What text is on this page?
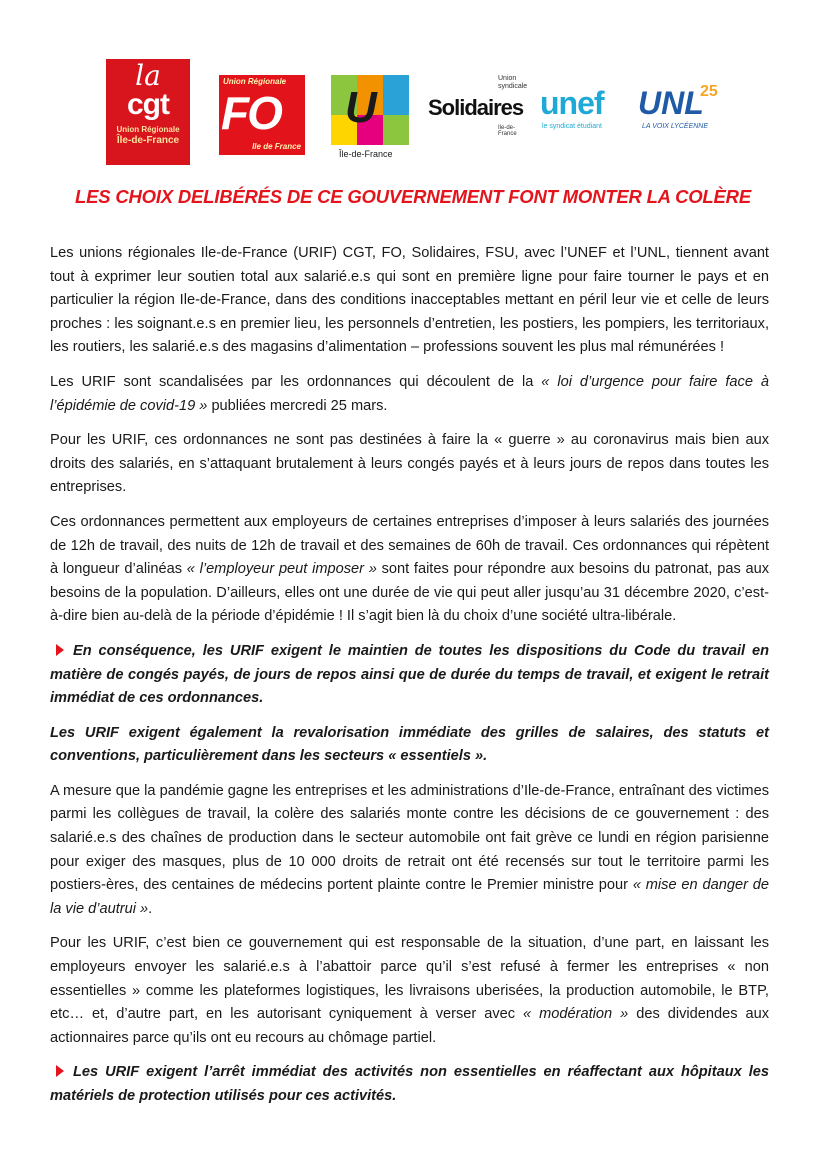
la
cgt
Union Régionale
Île-de-France
Union Régionale
FO
Ile de France
U
Île-de-France
Union
syndicale
Solidaires
Ile-de-France
unef
le syndicat étudiant
UNL
25
LA VOIX LYCÉENNE
LES CHOIX DELIBÉRÉS DE CE GOUVERNEMENT FONT MONTER LA COLÈRE

Les unions régionales Ile-de-France (URIF) CGT, FO, Solidaires, FSU, avec l’UNEF et l’UNL, tiennent avant tout à exprimer leur soutien total aux salarié.e.s qui sont en première ligne pour faire tourner le pays et en particulier la région Ile-de-France, dans des conditions inacceptables mettant en péril leur vie et celle de leurs proches : les soignant.e.s en premier lieu, les personnels d’entretien, les postiers, les pompiers, les territoriaux, les routiers, les salarié.e.s des magasins d’alimentation – professions souvent les plus mal rémunérées !

Les URIF sont scandalisées par les ordonnances qui découlent de la « loi d’urgence pour faire face à l’épidémie de covid-19 » publiées mercredi 25 mars.

Pour les URIF, ces ordonnances ne sont pas destinées à faire la « guerre » au coronavirus mais bien aux droits des salariés, en s’attaquant brutalement à leurs congés payés et à leurs jours de repos dans toutes les entreprises.

Ces ordonnances permettent aux employeurs de certaines entreprises d’imposer à leurs salariés des journées de 12h de travail, des nuits de 12h de travail et des semaines de 60h de travail. Ces ordonnances qui répètent à longueur d’alinéas « l’employeur peut imposer » sont faites pour répondre aux besoins du patronat, pas aux besoins de la population. D’ailleurs, elles ont une durée de vie qui peut aller jusqu’au 31 décembre 2020, c’est-à-dire bien au-delà de la période d’épidémie ! Il s’agit bien là du choix d’une société ultra-libérale.

En conséquence, les URIF exigent le maintien de toutes les dispositions du Code du travail en matière de congés payés, de jours de repos ainsi que de durée du temps de travail, et exigent le retrait immédiat de ces ordonnances.

Les URIF exigent également la revalorisation immédiate des grilles de salaires, des statuts et conventions, particulièrement dans les secteurs « essentiels ».

A mesure que la pandémie gagne les entreprises et les administrations d’Ile-de-France, entraînant des victimes parmi les collègues de travail, la colère des salariés monte contre les décisions de ce gouvernement : des salarié.e.s des chaînes de production dans le secteur automobile ont fait grève ce lundi en région parisienne pour exiger des masques, plus de 10 000 droits de retrait ont été recensés sur tout le territoire parmi les postiers-ères, des centaines de médecins portent plainte contre le Premier ministre pour « mise en danger de la vie d’autrui ».

Pour les URIF, c’est bien ce gouvernement qui est responsable de la situation, d’une part, en laissant les employeurs envoyer les salarié.e.s à l’abattoir parce qu’il s’est refusé à fermer les entreprises « non essentielles » comme les plateformes logistiques, les livraisons uberisées, la production automobile, le BTP, etc… et, d’autre part, en les autorisant cyniquement à verser avec « modération » des dividendes aux actionnaires parce qu’ils ont eu recours au chômage partiel.

Les URIF exigent l’arrêt immédiat des activités non essentielles en réaffectant aux hôpitaux les matériels de protection utilisés pour ces activités.
